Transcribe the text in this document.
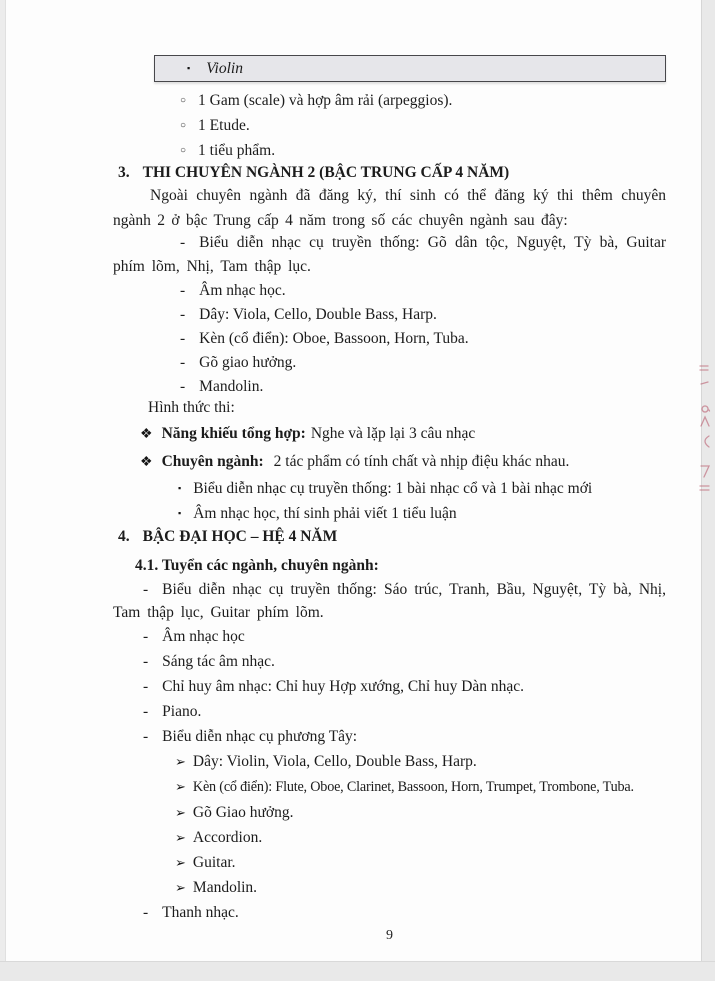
▪ Violin
○ 1 Gam (scale) và hợp âm rải (arpeggios).
○ 1 Etude.
○ 1 tiểu phẩm.
3. THI CHUYÊN NGÀNH 2 (BẬC TRUNG CẤP 4 NĂM)
Ngoài chuyên ngành đã đăng ký, thí sinh có thể đăng ký thi thêm chuyên ngành 2 ở bậc Trung cấp 4 năm trong số các chuyên ngành sau đây:
- Biểu diễn nhạc cụ truyền thống: Gõ dân tộc, Nguyệt, Tỳ bà, Guitar phím lõm, Nhị, Tam thập lục.
- Âm nhạc học.
- Dây: Viola, Cello, Double Bass, Harp.
- Kèn (cổ điển): Oboe, Bassoon, Horn, Tuba.
- Gõ giao hưởng.
- Mandolin.
Hình thức thi:
❖ Năng khiếu tổng hợp: Nghe và lặp lại 3 câu nhạc
❖ Chuyên ngành: 2 tác phẩm có tính chất và nhịp điệu khác nhau.
▪ Biểu diễn nhạc cụ truyền thống: 1 bài nhạc cổ và 1 bài nhạc mới
▪ Âm nhạc học, thí sinh phải viết 1 tiểu luận
4. BẬC ĐẠI HỌC – HỆ 4 NĂM
4.1. Tuyển các ngành, chuyên ngành:
- Biểu diễn nhạc cụ truyền thống: Sáo trúc, Tranh, Bầu, Nguyệt, Tỳ bà, Nhị, Tam thập lục, Guitar phím lõm.
- Âm nhạc học
- Sáng tác âm nhạc.
- Chỉ huy âm nhạc: Chỉ huy Hợp xướng, Chỉ huy Dàn nhạc.
- Piano.
- Biểu diễn nhạc cụ phương Tây:
➢ Dây: Violin, Viola, Cello, Double Bass, Harp.
➢ Kèn (cổ điển): Flute, Oboe, Clarinet, Bassoon, Horn, Trumpet, Trombone, Tuba.
➢ Gõ Giao hưởng.
➢ Accordion.
➢ Guitar.
➢ Mandolin.
- Thanh nhạc.
9
